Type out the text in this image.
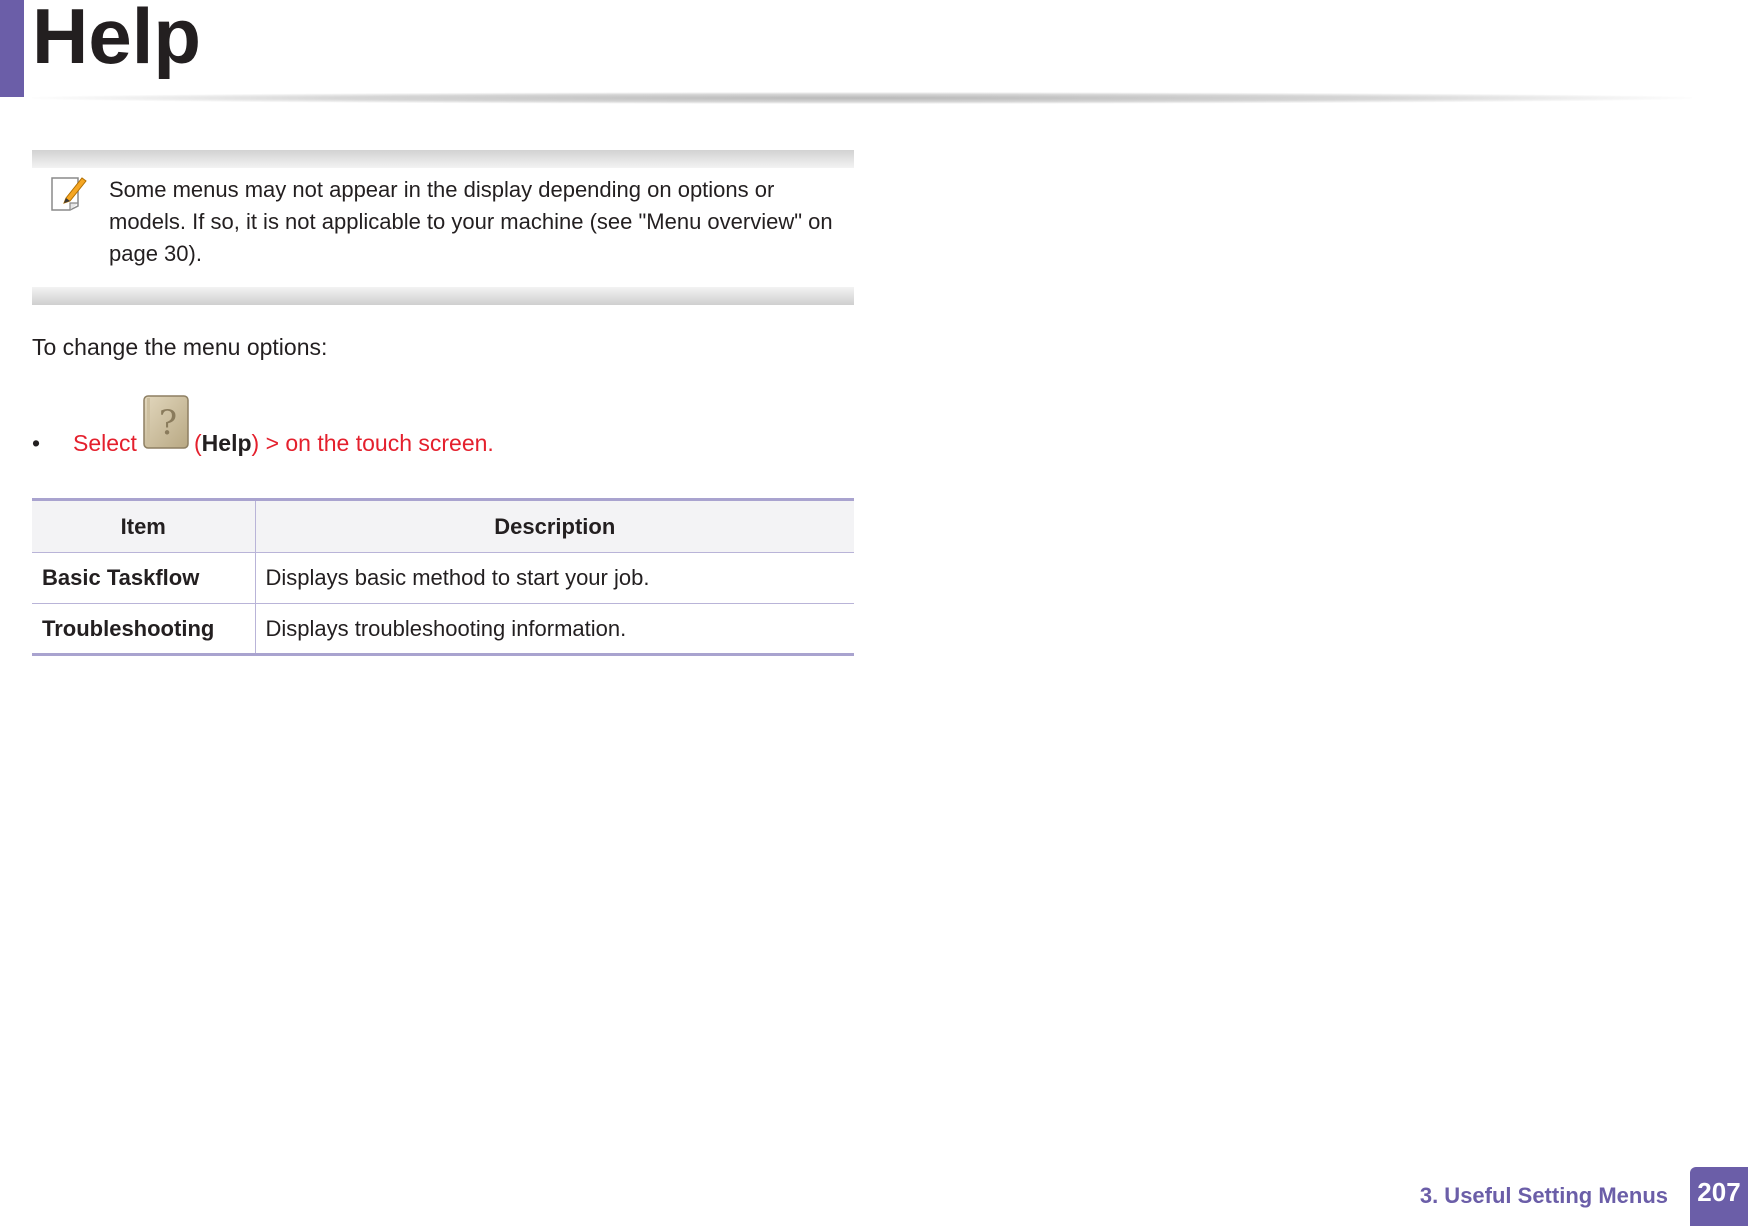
Help

Some menus may not appear in the display depending on options or models. If so, it is not applicable to your machine (see "Menu overview" on page 30).

To change the menu options:

• Select ? (Help) > on the touch screen.
Item	Description
Basic Taskflow	Displays basic method to start your job.
Troubleshooting	Displays troubleshooting information.
3. Useful Setting Menus 207
